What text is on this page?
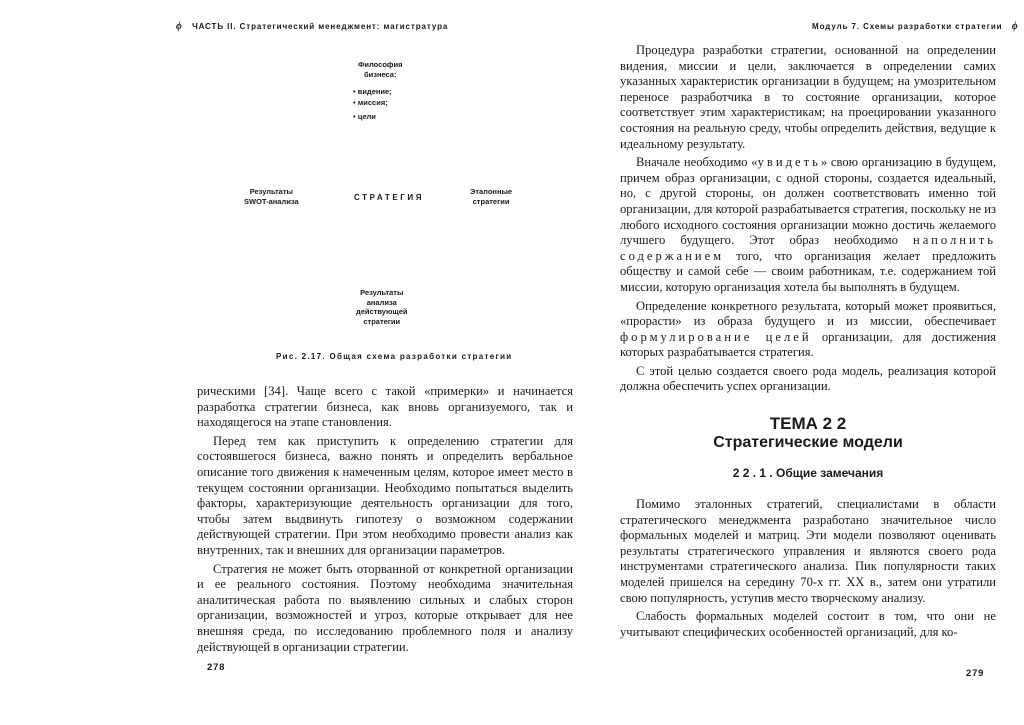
ϕ ЧАСТЬ II. Стратегический менеджмент: магистратура
Философия
бизнеса:
• видение;
• миссия;
• цели
Результаты
SWOT-анализа	СТРАТЕГИЯ
Эталонные
стратегии
Результаты
анализа
действующей
стратегии
Рис. 2.17. Общая схема разработки стратегии

рическими [34]. Чаще всего с такой «примерки» и начинается разработка стратегии бизнеса, как вновь организуемого, так и находящегося на этапе становления.

Перед тем как приступить к определению стратегии для состоявшегося бизнеса, важно понять и определить вербальное описание того движения к намеченным целям, которое имеет место в текущем состоянии организации. Необходимо попытаться выделить факторы, характеризующие деятельность организации для того, чтобы затем выдвинуть гипотезу о возможном содержании действующей стратегии. При этом необходимо провести анализ как внутренних, так и внешних для организации параметров.

Стратегия не может быть оторванной от конкретной организации и ее реального состояния. Поэтому необходима значительная аналитическая работа по выявлению сильных и слабых сторон организации, возможностей и угроз, которые открывает для нее внешняя среда, по исследованию проблемного поля и анализу действующей в организации стратегии.

278
Модуль 7. Схемы разработки стратегии ϕ

Процедура разработки стратегии, основанной на определении видения, миссии и цели, заключается в определении самих указанных характеристик организации в будущем; на умозрительном переносе разработчика в то состояние организации, которое соответствует этим характеристикам; на проецировании указанного состояния на реальную среду, чтобы определить действия, ведущие к идеальному результату.

Вначале необходимо «увидеть» свою организацию в будущем, причем образ организации, с одной стороны, создается идеальный, но, с другой стороны, он должен соответствовать именно той организации, для которой разрабатывается стратегия, поскольку не из любого исходного состояния организации можно достичь желаемого лучшего будущего. Этот образ необходимо наполнить содержанием того, что организация желает предложить обществу и самой себе — своим работникам, т.е. содержанием той миссии, которую организация хотела бы выполнять в будущем.

Определение конкретного результата, который может проявиться, «прорасти» из образа будущего и из миссии, обеспечивает формулирование целей организации, для достижения которых разрабатывается стратегия.

С этой целью создается своего рода модель, реализация которой должна обеспечить успех организации.

ТЕМА 2 2
Стратегические модели
2 2 . 1 . Общие замечания

Помимо эталонных стратегий, специалистами в области стратегического менеджмента разработано значительное число формальных моделей и матриц. Эти модели позволяют оценивать результаты стратегического управления и являются своего рода инструментами стратегического анализа. Пик популярности таких моделей пришелся на середину 70-х гг. XX в., затем они утратили свою популярность, уступив место творческому анализу.

Слабость формальных моделей состоит в том, что они не учитывают специфических особенностей организаций, для ко-

279
